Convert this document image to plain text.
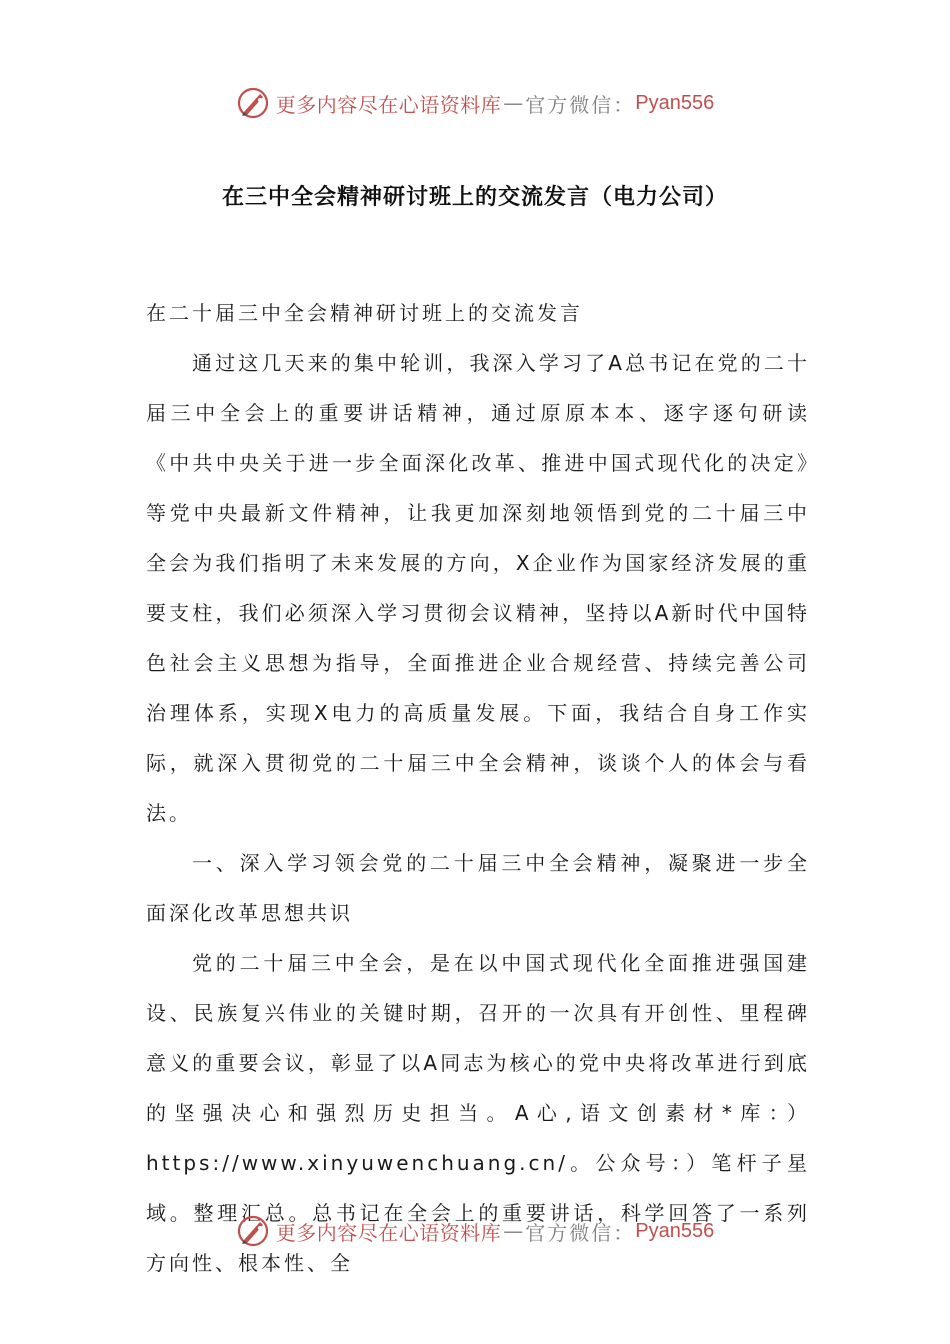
更多内容尽在心语资料库 — 官方微信： Pyan556
在三中全会精神研讨班上的交流发言（电力公司）

在二十届三中全会精神研讨班上的交流发言

通过这几天来的集中轮训，我深入学习了A总书记在党的二十届三中全会上的重要讲话精神，通过原原本本、逐字逐句研读《中共中央关于进一步全面深化改革、推进中国式现代化的决定》等党中央最新文件精神，让我更加深刻地领悟到党的二十届三中全会为我们指明了未来发展的方向，X企业作为国家经济发展的重要支柱，我们必须深入学习贯彻会议精神，坚持以A新时代中国特色社会主义思想为指导，全面推进企业合规经营、持续完善公司治理体系，实现X电力的高质量发展。下面，我结合自身工作实际，就深入贯彻党的二十届三中全会精神，谈谈个人的体会与看法。

一、深入学习领会党的二十届三中全会精神，凝聚进一步全面深化改革思想共识

党的二十届三中全会，是在以中国式现代化全面推进强国建设、民族复兴伟业的关键时期，召开的一次具有开创性、里程碑意义的重要会议，彰显了以A同志为核心的党中央将改革进行到底的坚强决心和强烈历史担当。A心,语文创素材*库：）https://www.xinyuwenchuang.cn/。公众号：）笔杆子星域。整理汇总。总书记在全会上的重要讲话，科学回答了一系列方向性、根本性、全

更多内容尽在心语资料库 — 官方微信： Pyan556
